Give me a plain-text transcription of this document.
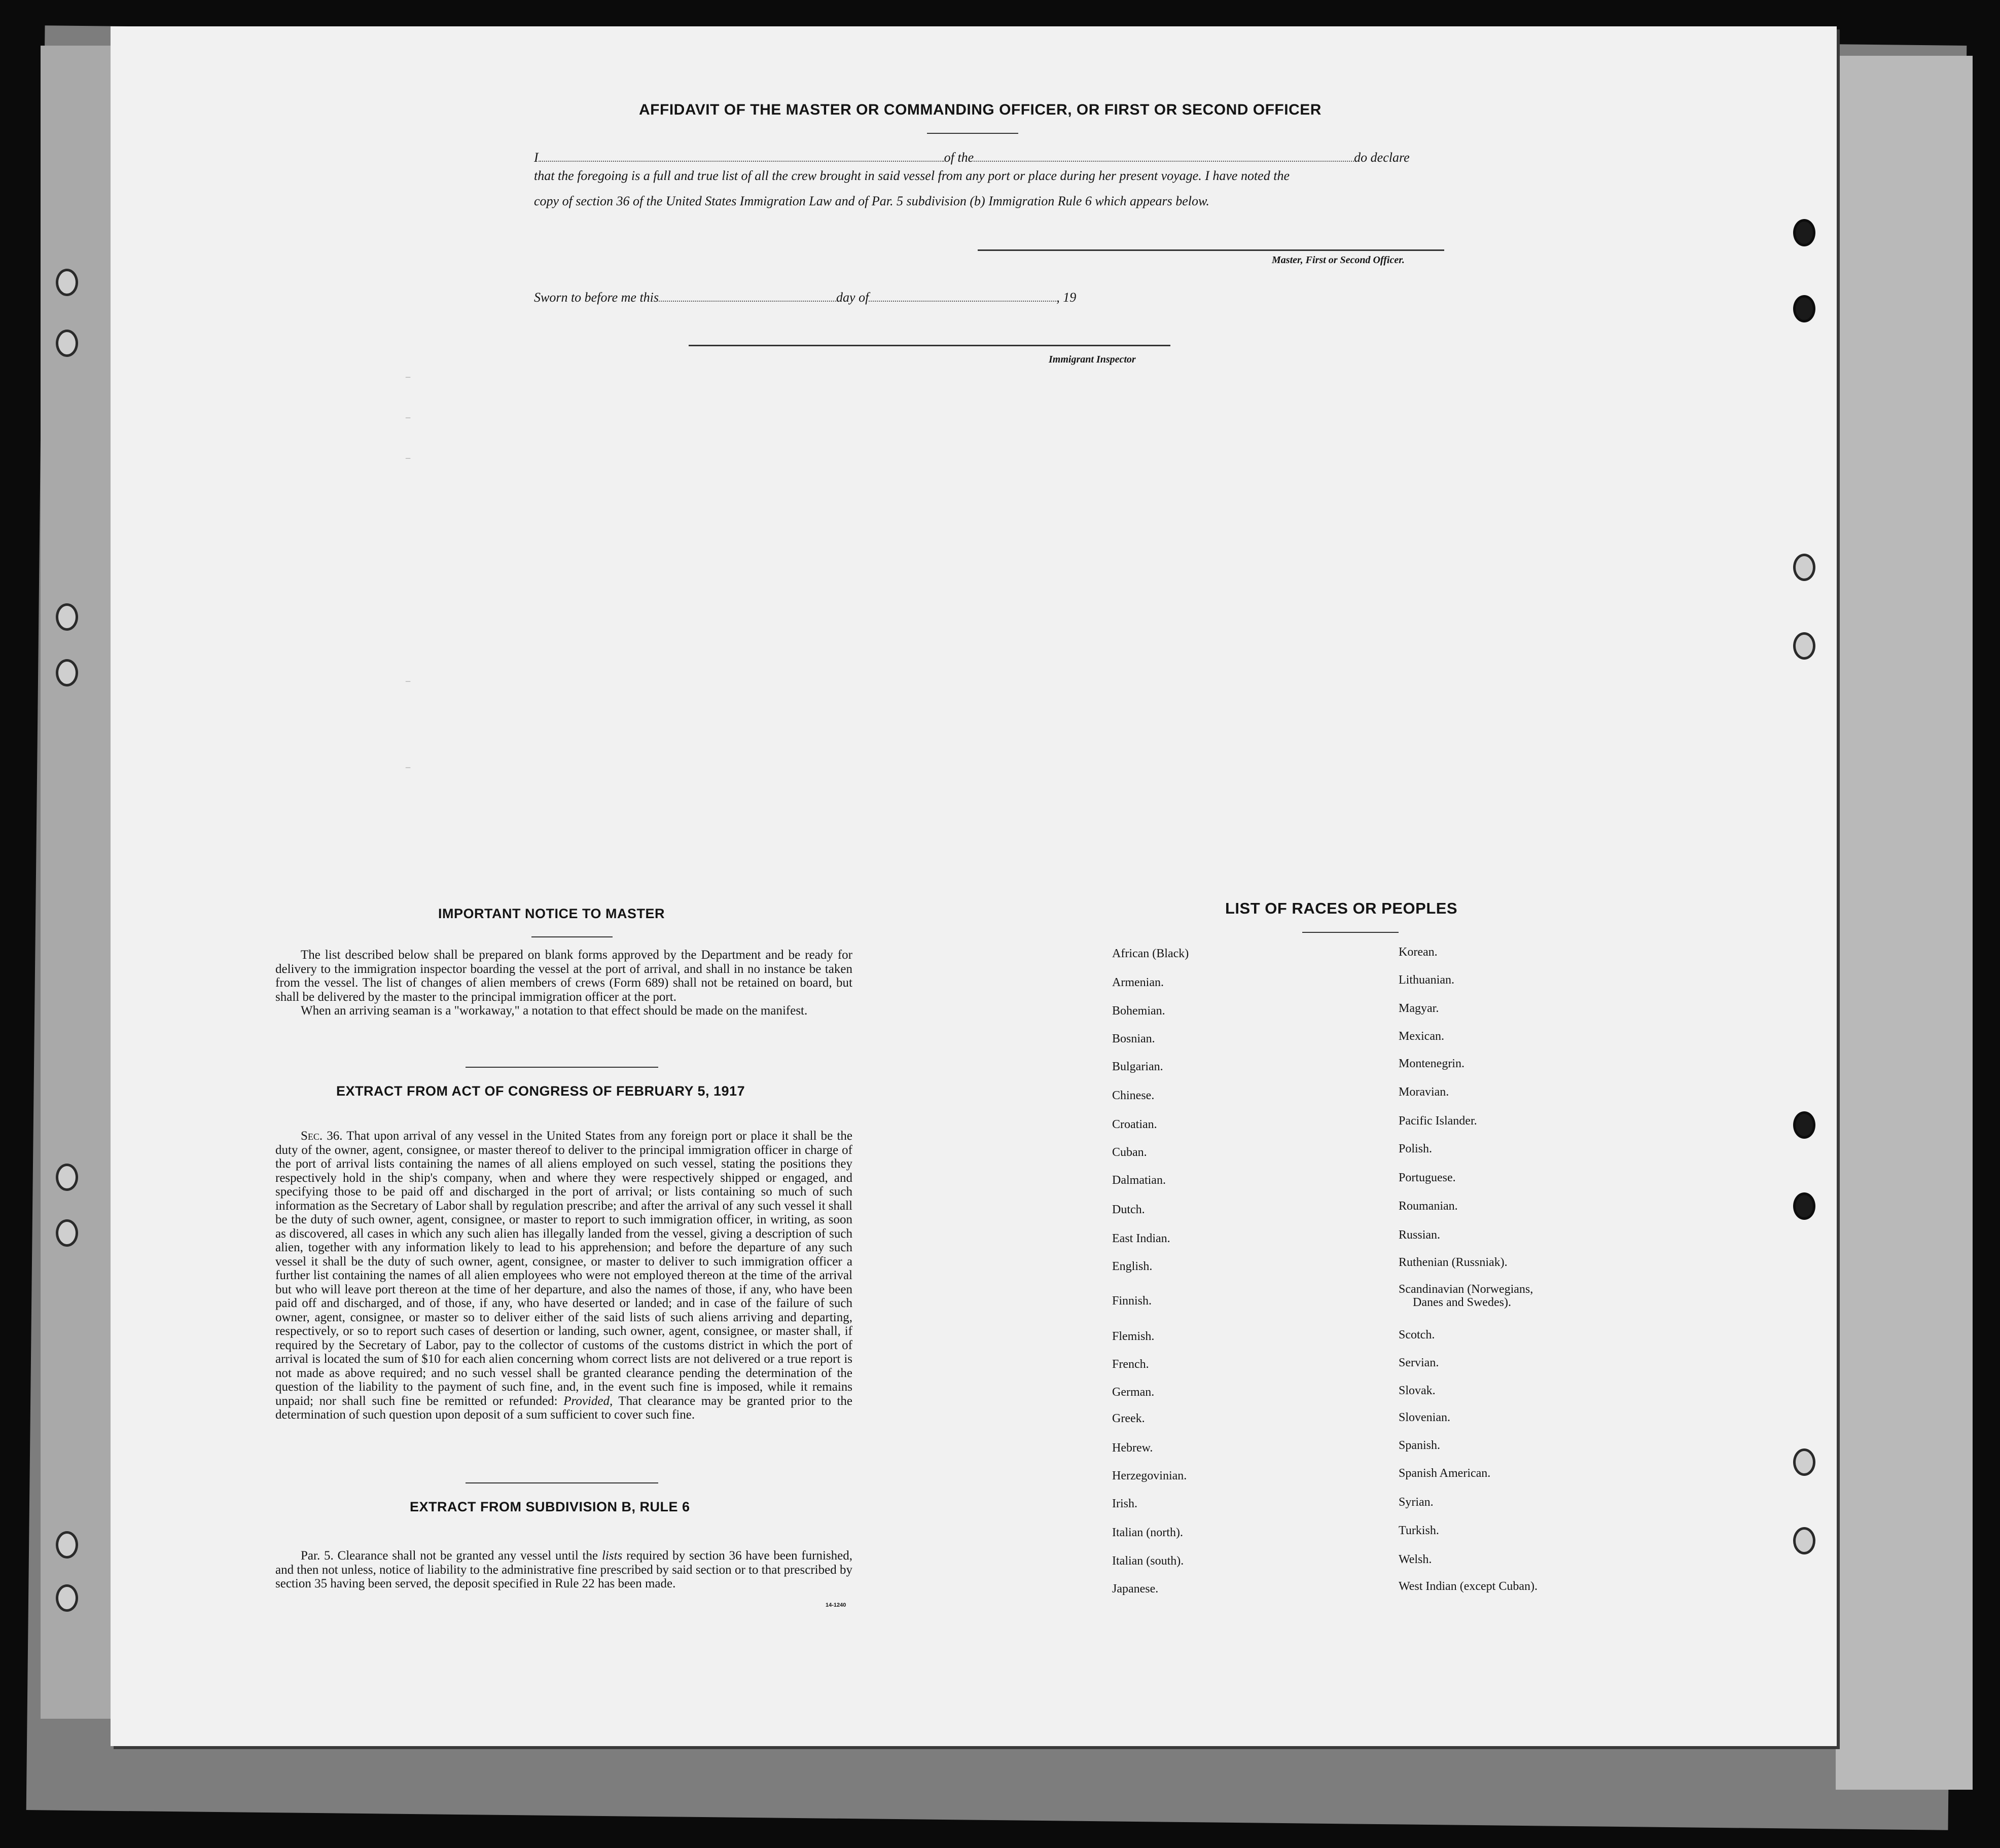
AFFIDAVIT OF THE MASTER OR COMMANDING OFFICER, OR FIRST OR SECOND OFFICER
I	of the	do declare
that the foregoing is a full and true list of all the crew brought in said vessel from any port or place during her present voyage. I have noted the
copy of section 36 of the United States Immigration Law and of Par. 5 subdivision (b) Immigration Rule 6 which appears below.
Master, First or Second Officer.
Sworn to before me this	day of	, 19
Immigrant Inspector
–
–
–
–
–
IMPORTANT NOTICE TO MASTER

The list described below shall be prepared on blank forms approved by the Department and be ready for delivery to the immigration inspector boarding the vessel at the port of arrival, and shall in no instance be taken from the vessel. The list of changes of alien members of crews (Form 689) shall not be retained on board, but shall be delivered by the master to the principal immigration officer at the port.

When an arriving seaman is a "workaway," a notation to that effect should be made on the manifest.

EXTRACT FROM ACT OF CONGRESS OF FEBRUARY 5, 1917

Sec. 36. That upon arrival of any vessel in the United States from any foreign port or place it shall be the duty of the owner, agent, consignee, or master thereof to deliver to the principal immigration officer in charge of the port of arrival lists containing the names of all aliens employed on such vessel, stating the positions they respectively hold in the ship's company, when and where they were respectively shipped or engaged, and specifying those to be paid off and discharged in the port of arrival; or lists containing so much of such information as the Secretary of Labor shall by regulation prescribe; and after the arrival of any such vessel it shall be the duty of such owner, agent, consignee, or master to report to such immigration officer, in writing, as soon as discovered, all cases in which any such alien has illegally landed from the vessel, giving a description of such alien, together with any information likely to lead to his apprehension; and before the departure of any such vessel it shall be the duty of such owner, agent, consignee, or master to deliver to such immigration officer a further list containing the names of all alien employees who were not employed thereon at the time of the arrival but who will leave port thereon at the time of her departure, and also the names of those, if any, who have been paid off and discharged, and of those, if any, who have deserted or landed; and in case of the failure of such owner, agent, consignee, or master so to deliver either of the said lists of such aliens arriving and departing, respectively, or so to report such cases of desertion or landing, such owner, agent, consignee, or master shall, if required by the Secretary of Labor, pay to the collector of customs of the customs district in which the port of arrival is located the sum of $10 for each alien concerning whom correct lists are not delivered or a true report is not made as above required; and no such vessel shall be granted clearance pending the determination of the question of the liability to the payment of such fine, and, in the event such fine is imposed, while it remains unpaid; nor shall such fine be remitted or refunded: Provided, That clearance may be granted prior to the determination of such question upon deposit of a sum sufficient to cover such fine.

EXTRACT FROM SUBDIVISION B, RULE 6

Par. 5. Clearance shall not be granted any vessel until the lists required by section 36 have been furnished, and then not unless, notice of liability to the administrative fine prescribed by said section or to that prescribed by section 35 having been served, the deposit specified in Rule 22 has been made.

14-1240
LIST OF RACES OR PEOPLES
African (Black)
Armenian.
Bohemian.
Bosnian.
Bulgarian.
Chinese.
Croatian.
Cuban.
Dalmatian.
Dutch.
East Indian.
English.
Finnish.
Flemish.
French.
German.
Greek.
Hebrew.
Herzegovinian.
Irish.
Italian (north).
Italian (south).
Japanese.
Korean.
Lithuanian.
Magyar.
Mexican.
Montenegrin.
Moravian.
Pacific Islander.
Polish.
Portuguese.
Roumanian.
Russian.
Ruthenian (Russniak).
Scandinavian (Norwegians,
Danes and Swedes).
Scotch.
Servian.
Slovak.
Slovenian.
Spanish.
Spanish American.
Syrian.
Turkish.
Welsh.
West Indian (except Cuban).
